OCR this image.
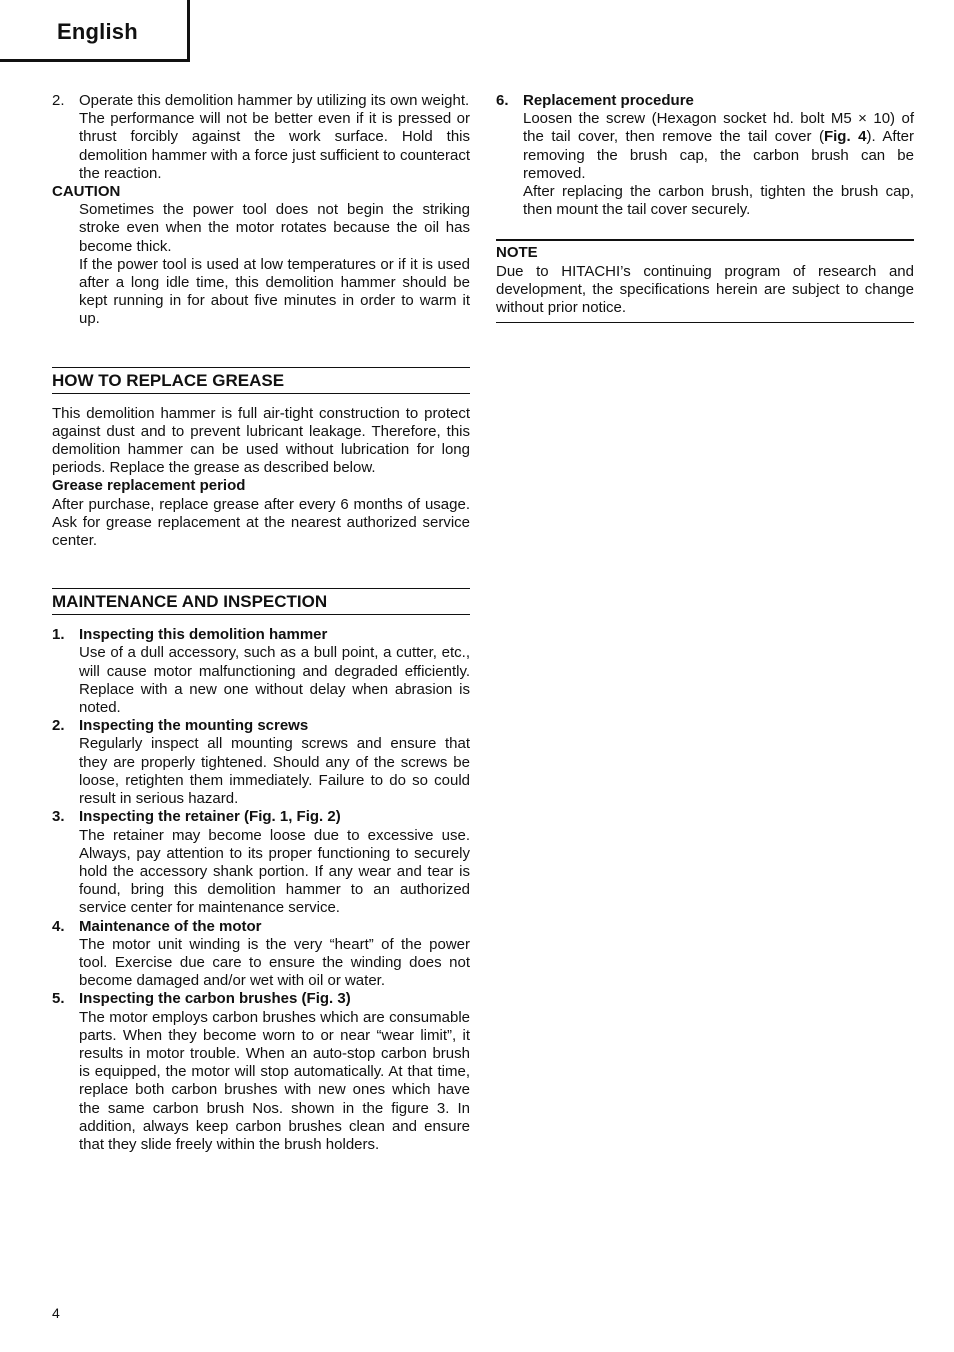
English
2. Operate this demolition hammer by utilizing its own weight.

The performance will not be better even if it is pressed or thrust forcibly against the work surface. Hold this demolition hammer with a force just sufficient to counteract the reaction.

CAUTION

Sometimes the power tool does not begin the striking stroke even when the motor rotates because the oil has become thick.

If the power tool is used at low temperatures or if it is used after a long idle time, this demolition hammer should be kept running in for about five minutes in order to warm it up.

HOW TO REPLACE GREASE

This demolition hammer is full air-tight construction to protect against dust and to prevent lubricant leakage. Therefore, this demolition hammer can be used without lubrication for long periods. Replace the grease as described below.

Grease replacement period

After purchase, replace grease after every 6 months of usage. Ask for grease replacement at the nearest authorized service center.

MAINTENANCE AND INSPECTION
1. Inspecting this demolition hammer

Use of a dull accessory, such as a bull point, a cutter, etc., will cause motor malfunctioning and degraded efficiently. Replace with a new one without delay when abrasion is noted.

2. Inspecting the mounting screws

Regularly inspect all mounting screws and ensure that they are properly tightened. Should any of the screws be loose, retighten them immediately. Failure to do so could result in serious hazard.

3. Inspecting the retainer (Fig. 1, Fig. 2)

The retainer may become loose due to excessive use. Always, pay attention to its proper functioning to securely hold the accessory shank portion. If any wear and tear is found, bring this demolition hammer to an authorized service center for maintenance service.

4. Maintenance of the motor

The motor unit winding is the very “heart” of the power tool. Exercise due care to ensure the winding does not become damaged and/or wet with oil or water.

5. Inspecting the carbon brushes (Fig. 3)

The motor employs carbon brushes which are consumable parts. When they become worn to or near “wear limit”, it results in motor trouble. When an auto-stop carbon brush is equipped, the motor will stop automatically. At that time, replace both carbon brushes with new ones which have the same carbon brush Nos. shown in the figure 3. In addition, always keep carbon brushes clean and ensure that they slide freely within the brush holders.

6. Replacement procedure

Loosen the screw (Hexagon socket hd. bolt M5 × 10) of the tail cover, then remove the tail cover (Fig. 4). After removing the brush cap, the carbon brush can be removed.

After replacing the carbon brush, tighten the brush cap, then mount the tail cover securely.

NOTE

Due to HITACHI’s continuing program of research and development, the specifications herein are subject to change without prior notice.

4
